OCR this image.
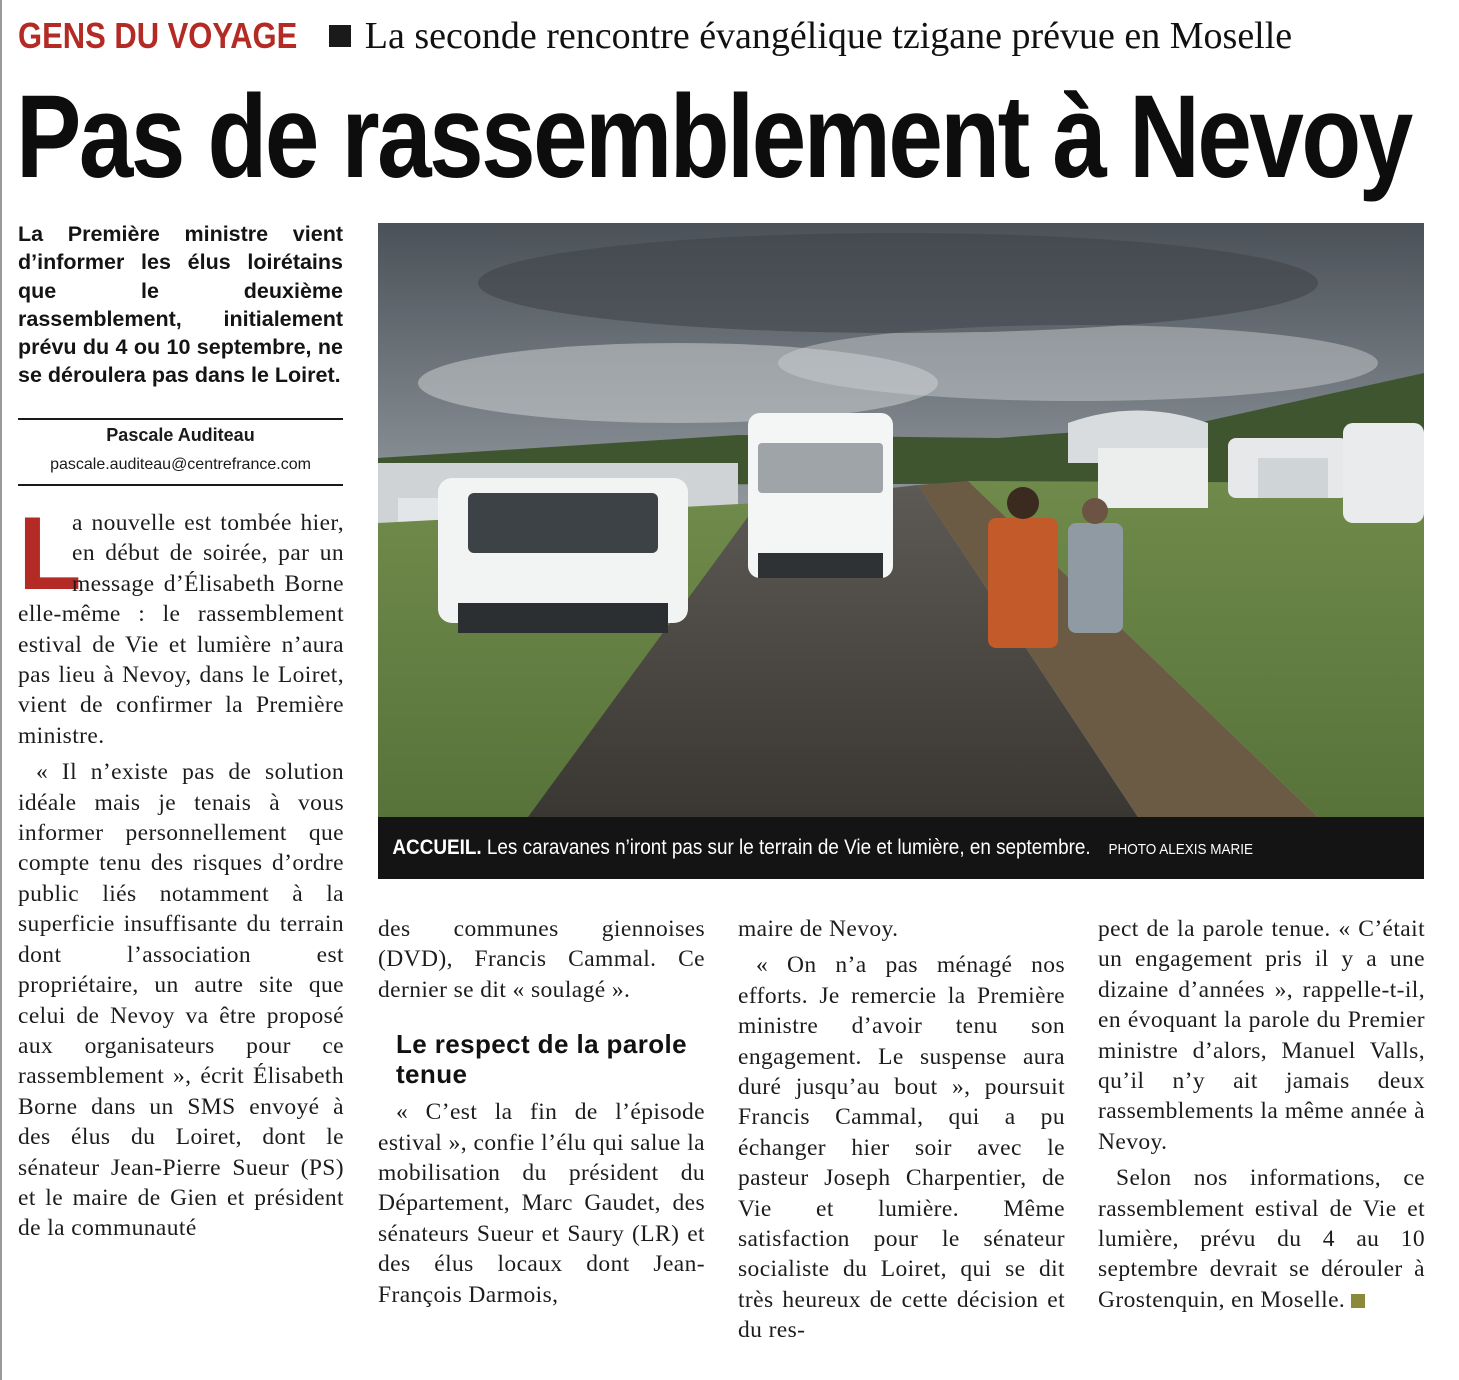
GENS DU VOYAGE La seconde rencontre évangélique tzigane prévue en Moselle
Pas de rassemblement à Nevoy
La Première ministre vient d’informer les élus loirétains que le deuxième rassemblement, initialement prévu du 4 ou 10 septembre, ne se déroulera pas dans le Loiret.
Pascale Auditeau
pascale.auditeau@centrefrance.com
L

a nouvelle est tombée hier, en début de soirée, par un message d’Élisabeth Borne elle-même : le rassemblement estival de Vie et lumière n’aura pas lieu à Nevoy, dans le Loiret, vient de confirmer la Première ministre.

« Il n’existe pas de solution idéale mais je tenais à vous informer personnellement que compte tenu des risques d’ordre public liés notamment à la superficie insuffisante du terrain dont l’association est propriétaire, un autre site que celui de Nevoy va être proposé aux organisateurs pour ce rassemblement », écrit Élisabeth Borne dans un SMS envoyé à des élus du Loiret, dont le sénateur Jean-Pierre Sueur (PS) et le maire de Gien et président de la communauté

ACCUEIL. Les caravanes n’iront pas sur le terrain de Vie et lumière, en septembre. PHOTO ALEXIS MARIE

des communes giennoises (DVD), Francis Cammal. Ce dernier se dit « soulagé ».

Le respect de la parole tenue

« C’est la fin de l’épisode estival », confie l’élu qui salue la mobilisation du président du Département, Marc Gaudet, des sénateurs Sueur et Saury (LR) et des élus locaux dont Jean-François Darmois,

maire de Nevoy.

« On n’a pas ménagé nos efforts. Je remercie la Première ministre d’avoir tenu son engagement. Le suspense aura duré jusqu’au bout », poursuit Francis Cammal, qui a pu échanger hier soir avec le pasteur Joseph Charpentier, de Vie et lumière. Même satisfaction pour le sénateur socialiste du Loiret, qui se dit très heureux de cette décision et du res-

pect de la parole tenue. « C’était un engagement pris il y a une dizaine d’années », rappelle-t-il, en évoquant la parole du Premier ministre d’alors, Manuel Valls, qu’il n’y ait jamais deux rassemblements la même année à Nevoy.

Selon nos informations, ce rassemblement estival de Vie et lumière, prévu du 4 au 10 septembre devrait se dérouler à Grostenquin, en Moselle.
